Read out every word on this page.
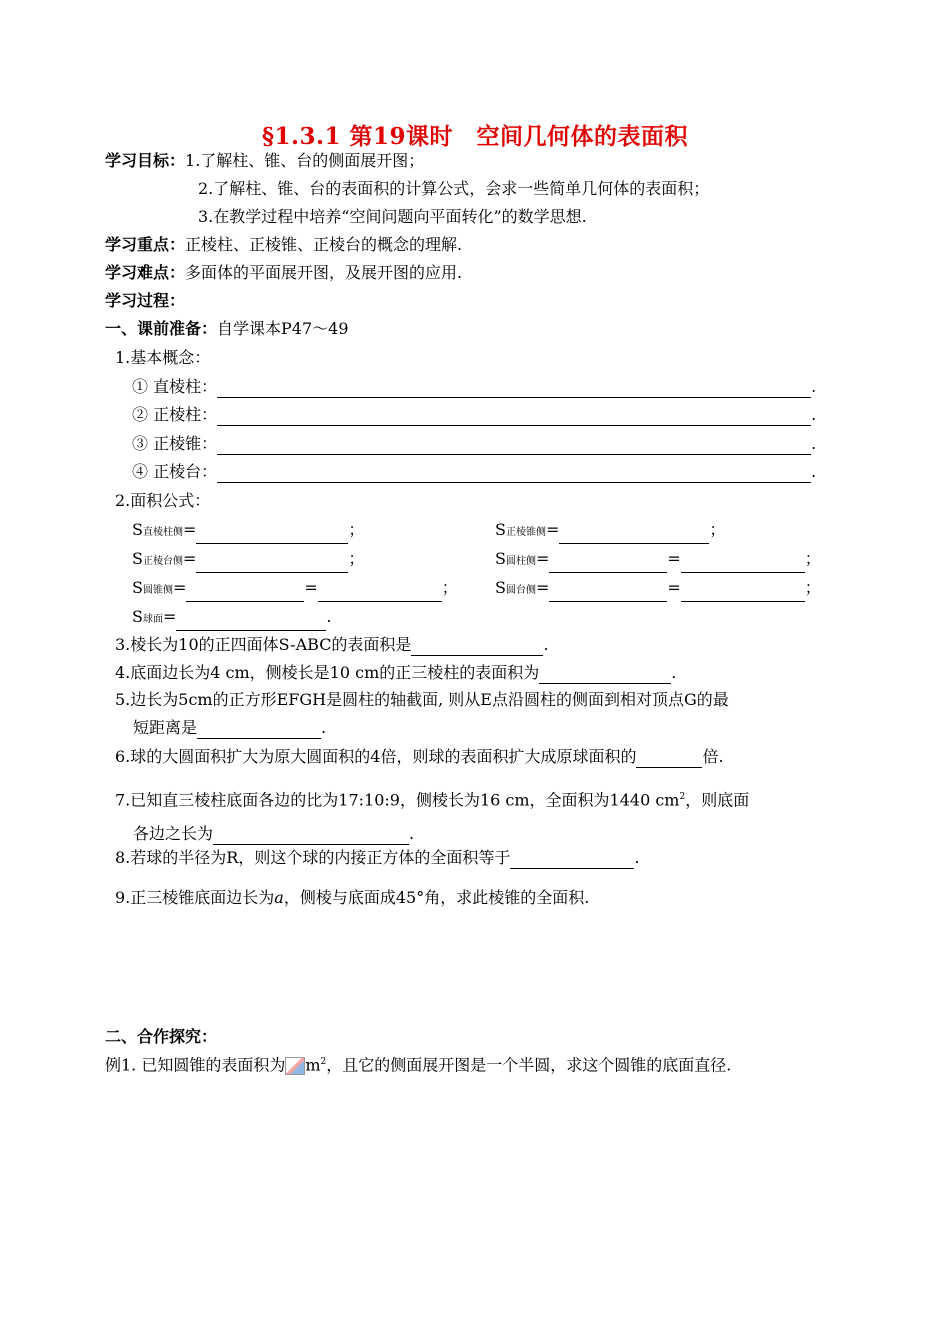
§1.3.1 第19课时　空间几何体的表面积
学习目标：1.了解柱、锥、台的侧面展开图；
2.了解柱、锥、台的表面积的计算公式，会求一些简单几何体的表面积；
3.在教学过程中培养“空间问题向平面转化”的数学思想.
学习重点：正棱柱、正棱锥、正棱台的概念的理解.
学习难点：多面体的平面展开图，及展开图的应用.
学习过程：
一、课前准备：自学课本P47～49
1.基本概念：
① 直棱柱：	.
② 正棱柱：	.
③ 正棱锥：	.
④ 正棱台：	.
2.面积公式：
S直棱柱侧=	；	S正棱锥侧=	；
S正棱台侧=	；	S圆柱侧=	=	；
S圆锥侧=	=	； S圆台侧=	=	；
S球面=	.
3.棱长为10的正四面体S-ABC的表面积是	.
4.底面边长为4 cm，侧棱长是10 cm的正三棱柱的表面积为	.
5.边长为5cm的正方形EFGH是圆柱的轴截面, 则从E点沿圆柱的侧面到相对顶点G的最
短距离是	.
6.球的大圆面积扩大为原大圆面积的4倍，则球的表面积扩大成原球面积的	倍.
7.已知直三棱柱底面各边的比为17:10:9，侧棱长为16 cm，全面积为1440 $cm^2$，则底面
各边之长为	.
8.若球的半径为R，则这个球的内接正方体的全面积等于	.
9.正三棱锥底面边长为a，侧棱与底面成45°角，求此棱锥的全面积.
二、合作探究：
例1. 已知圆锥的表面积为 $m^2$，且它的侧面展开图是一个半圆，求这个圆锥的底面直径.
